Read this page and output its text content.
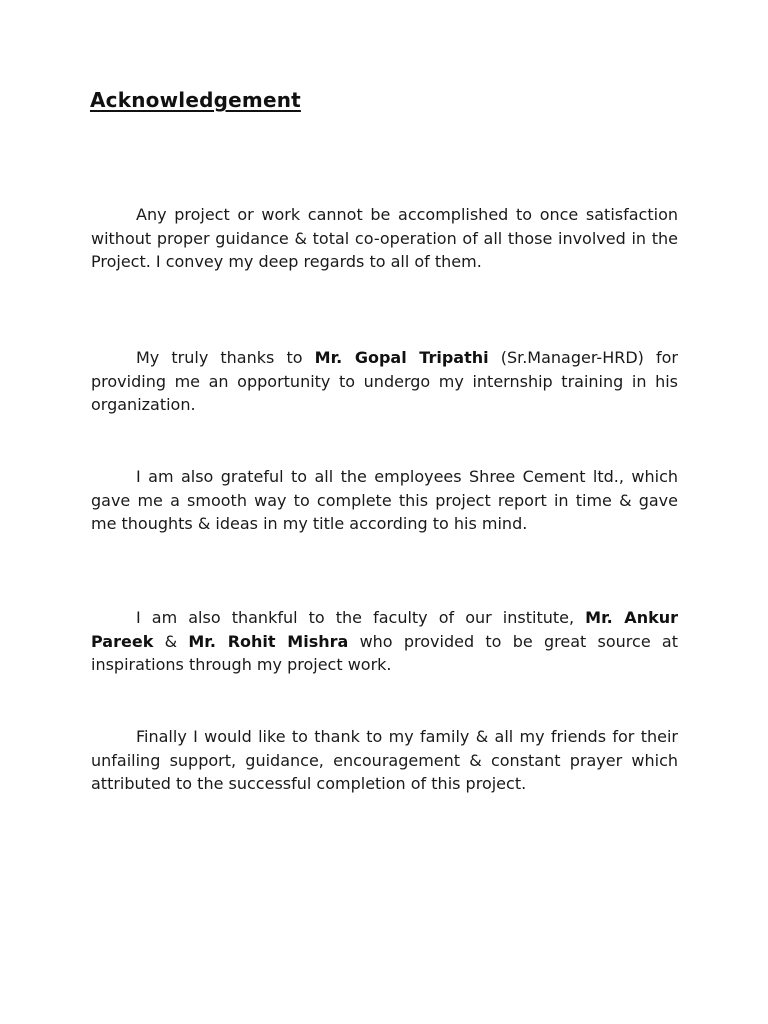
Acknowledgement

Any project or work cannot be accomplished to once satisfaction without proper guidance & total co-operation of all those involved in the Project. I convey my deep regards to all of them.

My truly thanks to Mr. Gopal Tripathi (Sr.Manager-HRD) for providing me an opportunity to undergo my internship training in his organization.

I am also grateful to all the employees Shree Cement ltd., which gave me a smooth way to complete this project report in time & gave me thoughts & ideas in my title according to his mind.

I am also thankful to the faculty of our institute, Mr. Ankur Pareek & Mr. Rohit Mishra who provided to be great source at inspirations through my project work.

Finally I would like to thank to my family & all my friends for their unfailing support, guidance, encouragement & constant prayer which attributed to the successful completion of this project.
